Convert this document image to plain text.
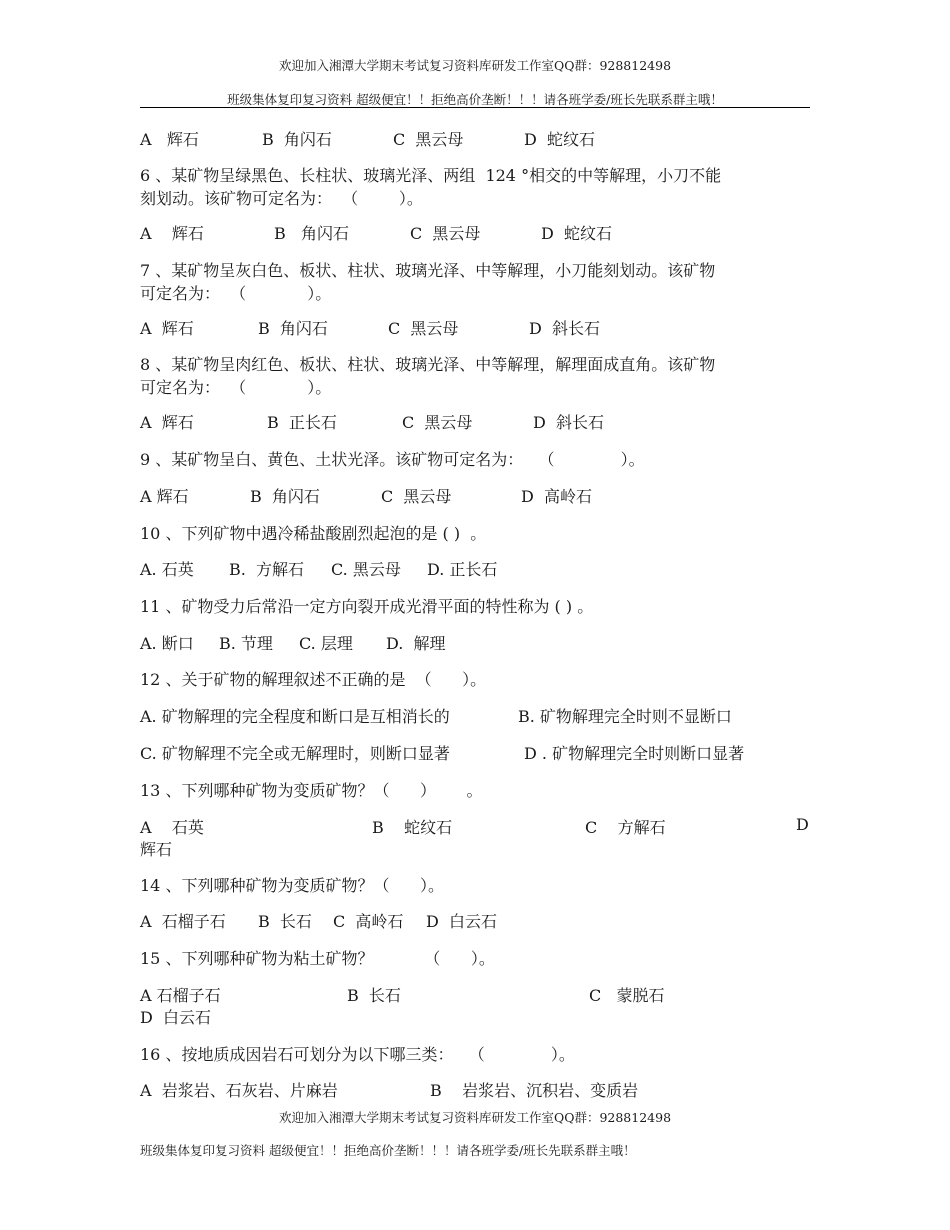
欢迎加入湘潭大学期末考试复习资料库研发工作室QQ群：928812498
班级集体复印复习资料 超级便宜！！拒绝高价垄断！！！请各班学委/班长先联系群主哦！
A   辉石	B  角闪石	C  黑云母	D  蛇纹石
6 、某矿物呈绿黑色、长柱状、玻璃光泽、两组  124 °相交的中等解理，小刀不能
刻划动。该矿物可定名为：  （        ）。
A    辉石	B   角闪石	C  黑云母	D  蛇纹石
7 、某矿物呈灰白色、板状、柱状、玻璃光泽、中等解理，小刀能刻划动。该矿物
可定名为：  （            ）。
A  辉石	B  角闪石	C  黑云母	D  斜长石
8 、某矿物呈肉红色、板状、柱状、玻璃光泽、中等解理，解理面成直角。该矿物
可定名为：  （            ）。
A  辉石	B  正长石	C  黑云母	D  斜长石
9 、某矿物呈白、黄色、土状光泽。该矿物可定名为：   （             ）。
A 辉石	B  角闪石	C  黑云母	D  高岭石
10 、下列矿物中遇冷稀盐酸剧烈起泡的是 ( )  。
A. 石英 B.  方解石 C. 黑云母 D. 正长石
11 、矿物受力后常沿一定方向裂开成光滑平面的特性称为 ( ) 。
A. 断口 B. 节理 C. 层理 D.  解理
12 、关于矿物的解理叙述不正确的是  （      ）。
A. 矿物解理的完全程度和断口是互相消长的	B. 矿物解理完全时则不显断口
C. 矿物解理不完全或无解理时，则断口显著	D . 矿物解理完全时则断口显著
13 、下列哪种矿物为变质矿物？（      ）      。
A    石英	B    蛇纹石	C    方解石	D
辉石
14 、下列哪种矿物为变质矿物？（      ）。
A  石榴子石 B  长石 C  高岭石 D  白云石
15 、下列哪种矿物为粘土矿物？          （      ）。
A 石榴子石	B  长石	C   蒙脱石
D  白云石
16 、按地质成因岩石可划分为以下哪三类：   （             ）。
A  岩浆岩、石灰岩、片麻岩	B    岩浆岩、沉积岩、变质岩
欢迎加入湘潭大学期末考试复习资料库研发工作室QQ群：928812498
班级集体复印复习资料 超级便宜！！拒绝高价垄断！！！请各班学委/班长先联系群主哦！
